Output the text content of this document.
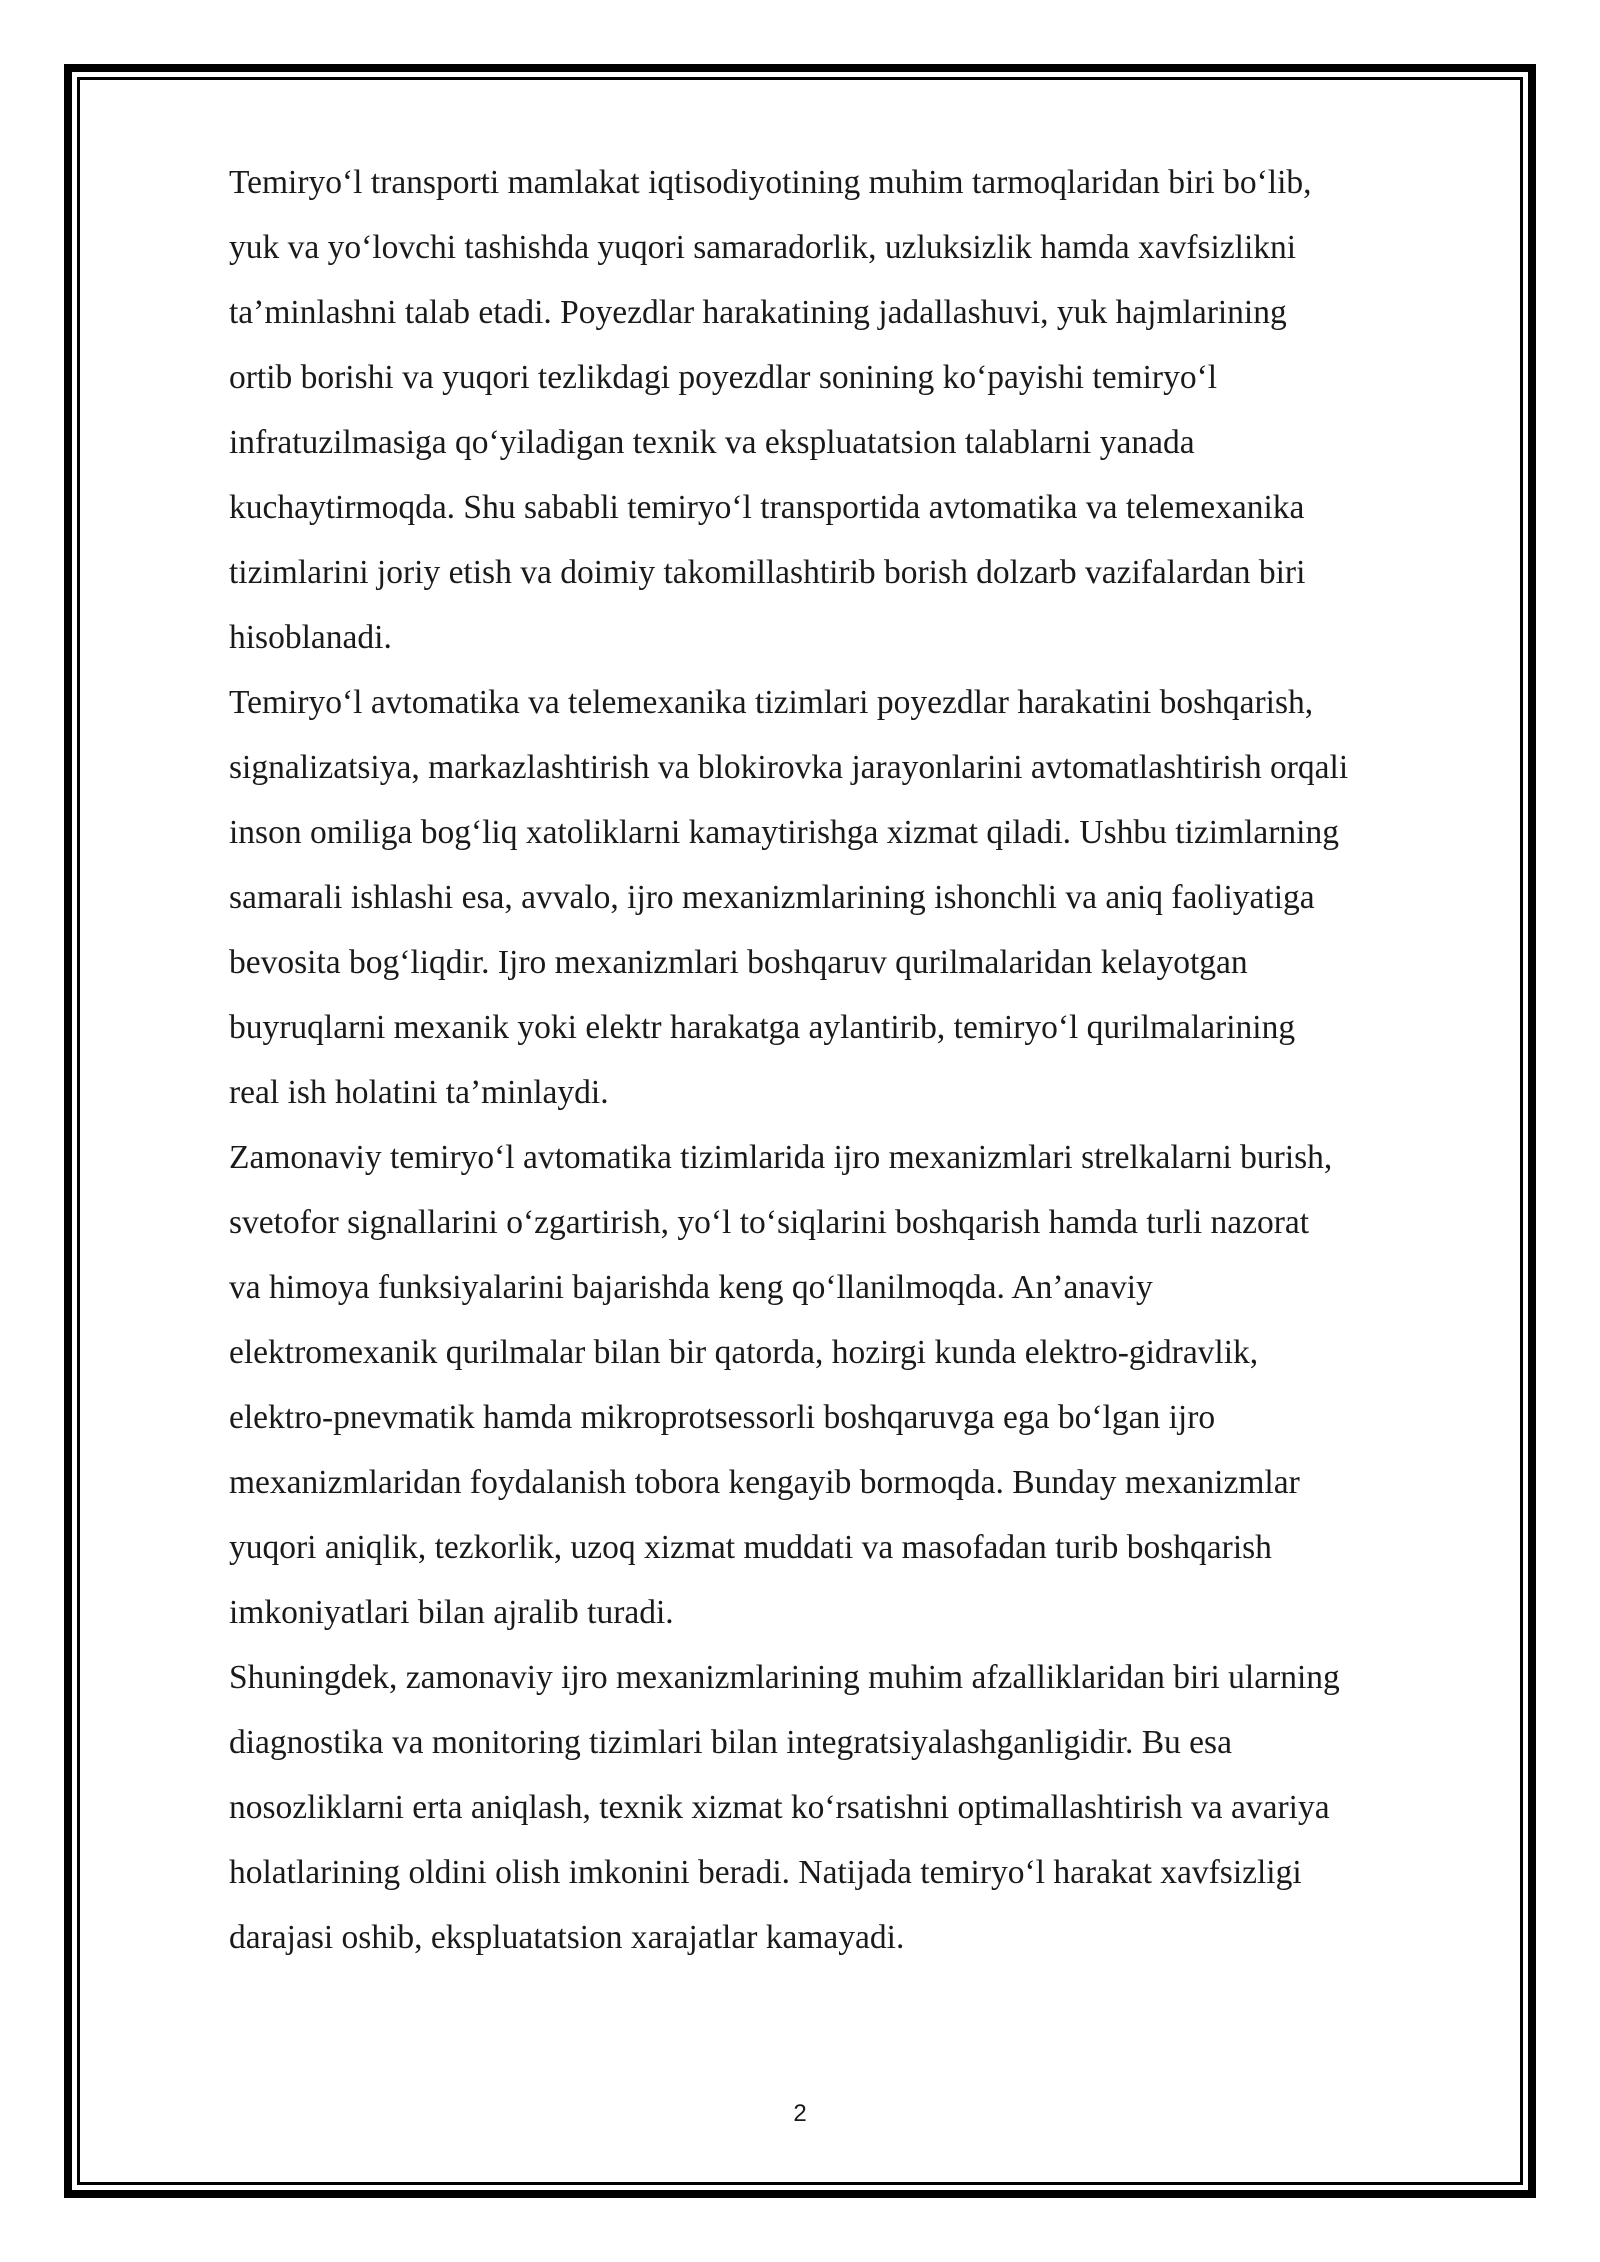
Temiryoʻl transporti mamlakat iqtisodiyotining muhim tarmoqlaridan biri boʻlib,
yuk va yoʻlovchi tashishda yuqori samaradorlik, uzluksizlik hamda xavfsizlikni
taʼminlashni talab etadi. Poyezdlar harakatining jadallashuvi, yuk hajmlarining
ortib borishi va yuqori tezlikdagi poyezdlar sonining koʻpayishi temiryoʻl
infratuzilmasiga qoʻyiladigan texnik va ekspluatatsion talablarni yanada
kuchaytirmoqda. Shu sababli temiryoʻl transportida avtomatika va telemexanika
tizimlarini joriy etish va doimiy takomillashtirib borish dolzarb vazifalardan biri
hisoblanadi.

Temiryoʻl avtomatika va telemexanika tizimlari poyezdlar harakatini boshqarish,
signalizatsiya, markazlashtirish va blokirovka jarayonlarini avtomatlashtirish orqali
inson omiliga bogʻliq xatoliklarni kamaytirishga xizmat qiladi. Ushbu tizimlarning
samarali ishlashi esa, avvalo, ijro mexanizmlarining ishonchli va aniq faoliyatiga
bevosita bogʻliqdir. Ijro mexanizmlari boshqaruv qurilmalaridan kelayotgan
buyruqlarni mexanik yoki elektr harakatga aylantirib, temiryoʻl qurilmalarining
real ish holatini taʼminlaydi.

Zamonaviy temiryoʻl avtomatika tizimlarida ijro mexanizmlari strelkalarni burish,
svetofor signallarini oʻzgartirish, yoʻl toʻsiqlarini boshqarish hamda turli nazorat
va himoya funksiyalarini bajarishda keng qoʻllanilmoqda. Anʼanaviy
elektromexanik qurilmalar bilan bir qatorda, hozirgi kunda elektro-gidravlik,
elektro-pnevmatik hamda mikroprotsessorli boshqaruvga ega boʻlgan ijro
mexanizmlaridan foydalanish tobora kengayib bormoqda. Bunday mexanizmlar
yuqori aniqlik, tezkorlik, uzoq xizmat muddati va masofadan turib boshqarish
imkoniyatlari bilan ajralib turadi.

Shuningdek, zamonaviy ijro mexanizmlarining muhim afzalliklaridan biri ularning
diagnostika va monitoring tizimlari bilan integratsiyalashganligidir. Bu esa
nosozliklarni erta aniqlash, texnik xizmat koʻrsatishni optimallashtirish va avariya
holatlarining oldini olish imkonini beradi. Natijada temiryoʻl harakat xavfsizligi
darajasi oshib, ekspluatatsion xarajatlar kamayadi.

2
